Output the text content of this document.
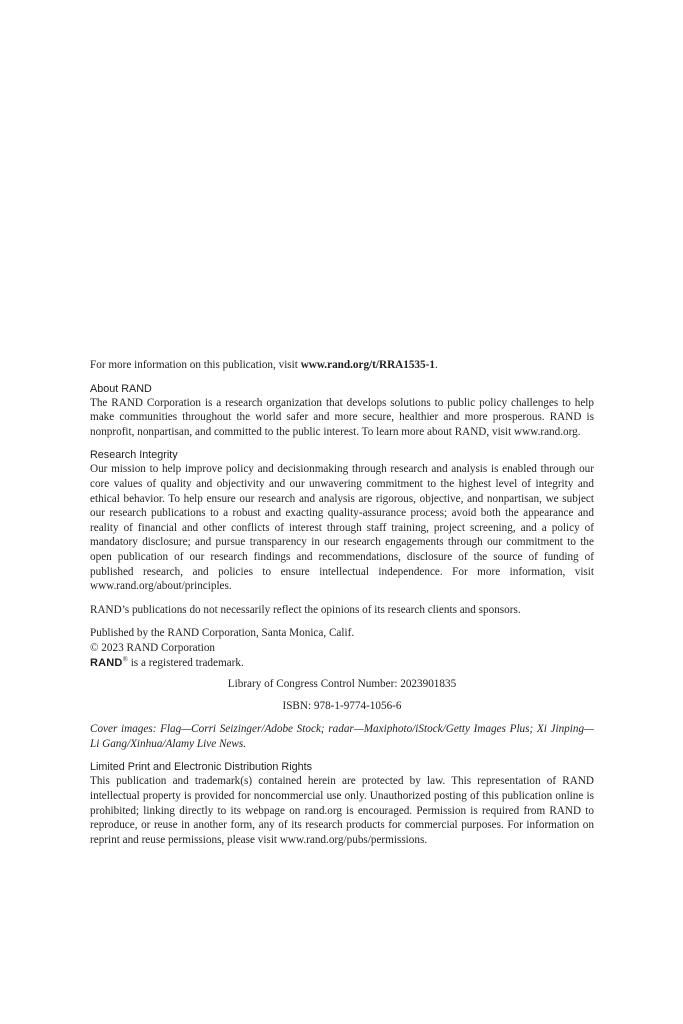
For more information on this publication, visit www.rand.org/t/RRA1535-1.

About RAND

The RAND Corporation is a research organization that develops solutions to public policy challenges to help make communities throughout the world safer and more secure, healthier and more prosperous. RAND is nonprofit, nonpartisan, and committed to the public interest. To learn more about RAND, visit www.rand.org.

Research Integrity

Our mission to help improve policy and decisionmaking through research and analysis is enabled through our core values of quality and objectivity and our unwavering commitment to the highest level of integrity and ethical behavior. To help ensure our research and analysis are rigorous, objective, and nonpartisan, we subject our research publications to a robust and exacting quality-assurance process; avoid both the appearance and reality of financial and other conflicts of interest through staff training, project screening, and a policy of mandatory disclosure; and pursue transparency in our research engagements through our commitment to the open publication of our research findings and recommendations, disclosure of the source of funding of published research, and policies to ensure intellectual independence. For more information, visit www.rand.org/about/principles.

RAND’s publications do not necessarily reflect the opinions of its research clients and sponsors.

Published by the RAND Corporation, Santa Monica, Calif.

© 2023 RAND Corporation

RAND® is a registered trademark.

Library of Congress Control Number: 2023901835

ISBN: 978-1-9774-1056-6

Cover images: Flag—Corri Seizinger/Adobe Stock; radar—Maxiphoto/iStock/Getty Images Plus; Xi Jinping—Li Gang/Xinhua/Alamy Live News.

Limited Print and Electronic Distribution Rights

This publication and trademark(s) contained herein are protected by law. This representation of RAND intellectual property is provided for noncommercial use only. Unauthorized posting of this publication online is prohibited; linking directly to its webpage on rand.org is encouraged. Permission is required from RAND to reproduce, or reuse in another form, any of its research products for commercial purposes. For information on reprint and reuse permissions, please visit www.rand.org/pubs/permissions.
